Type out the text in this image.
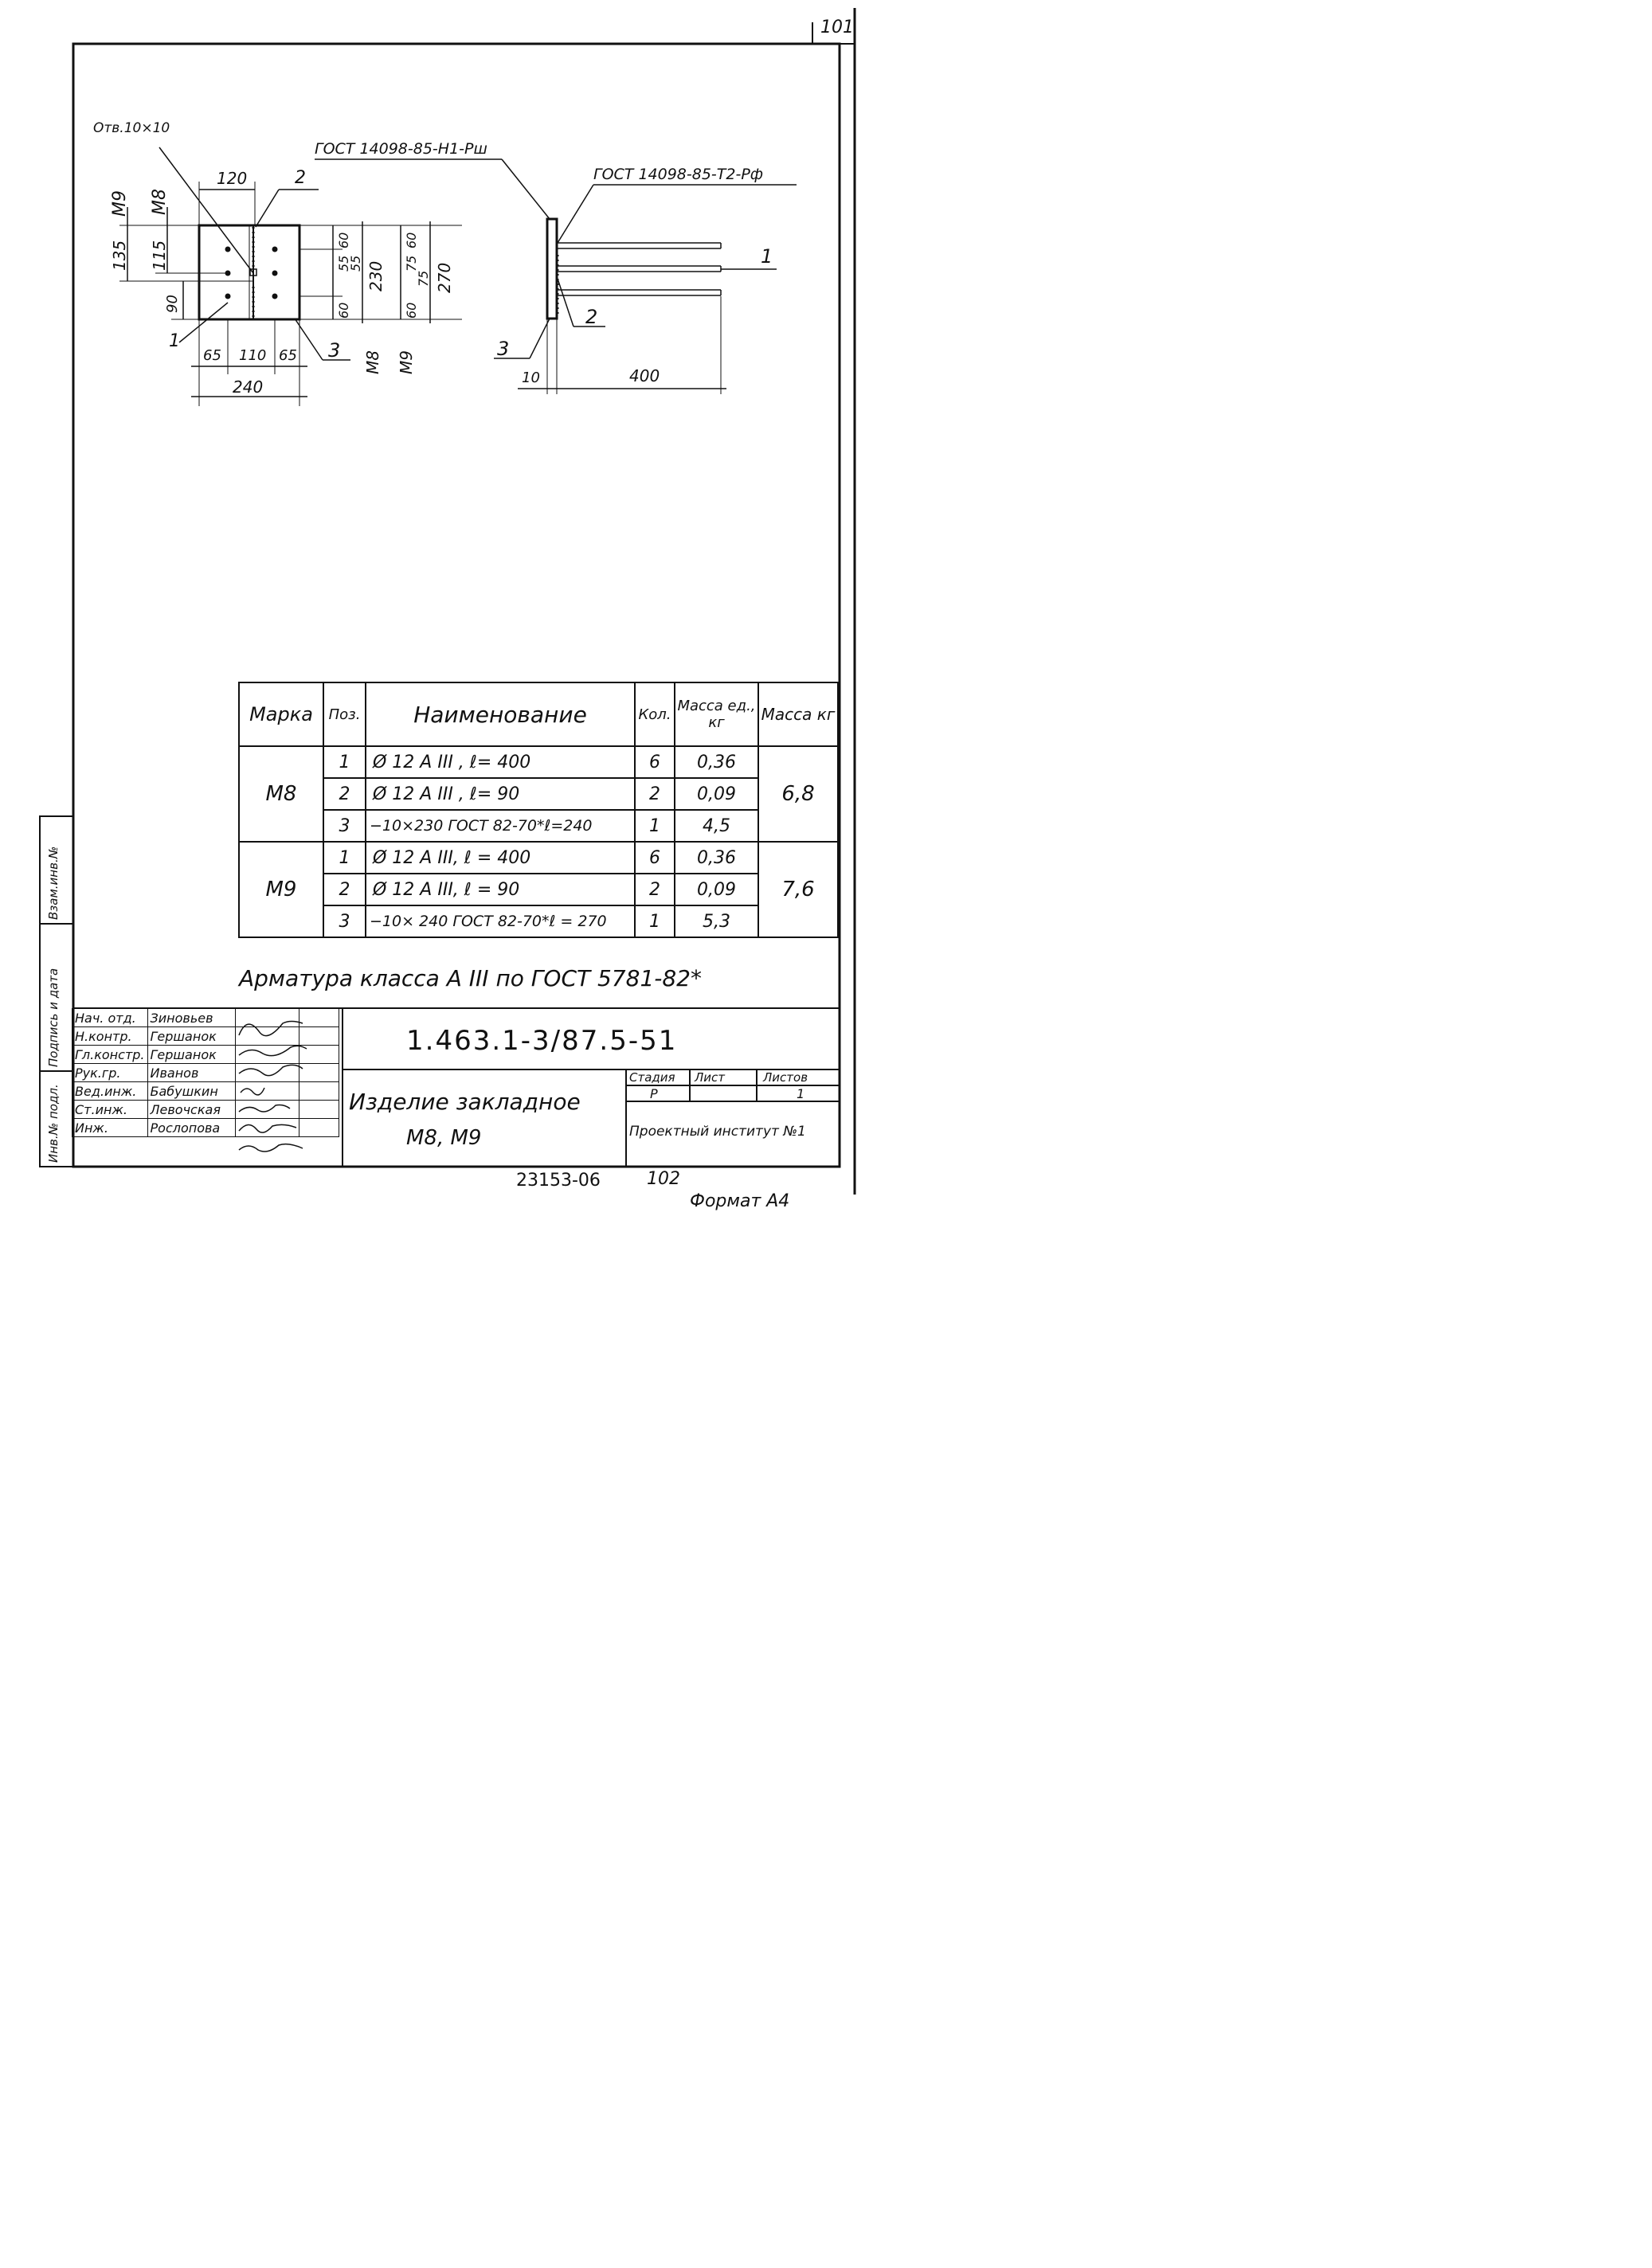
101
Отв.10×10
ГОСТ 14098-85-Н1-Рш
ГОСТ 14098-85-Т2-Рф
120	2
М9 М8
135 115
90
1	3
65 110 65
240
60
55
55
60
230
60
75
75
60
270
М8 М9
1
2
3
10	400
Марка	Поз.	Наименование	Кол.	Масса ед., кг	Масса кг
М8	1	Ø 12 А III , ℓ= 400	6	0,36	6,8
	2	Ø 12 А III , ℓ= 90	2	0,09	
	3	−10×230 ГОСТ 82-70*ℓ=240	1	4,5	
М9	1	Ø 12 А III, ℓ = 400	6	0,36	7,6
	2	Ø 12 А III, ℓ = 90	2	0,09	
	3	−10× 240 ГОСТ 82-70*ℓ = 270	1	5,3	
Арматура класса А III по ГОСТ 5781-82*
Нач. отд.	Зиновьев		
Н.контр.	Гершанок		
Гл.констр.	Гершанок		
Рук.гр.	Иванов		
Вед.инж.	Бабушкин		
Ст.инж.	Левочская		
Инж.	Рослопова		
1.463.1-3/87.5-51
Изделие закладное
М8, М9
Стадия Лист	Листов
Р	1
Проектный институт №1
Взам.инв.№
Подпись и дата
Инв.№ подл.
23153-06	102
Формат А4
